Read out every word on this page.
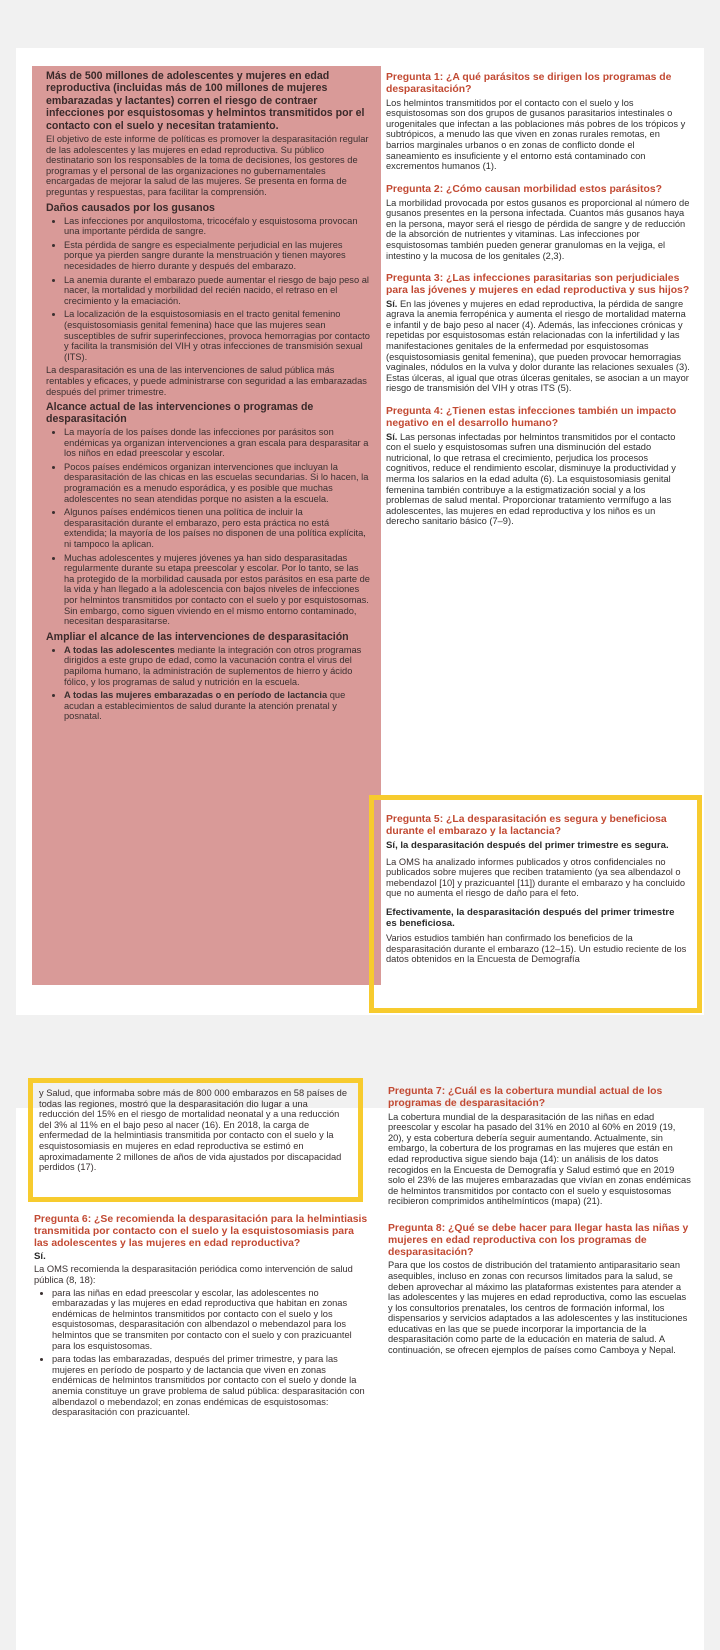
Más de 500 millones de adolescentes y mujeres en edad reproductiva (incluidas más de 100 millones de mujeres embarazadas y lactantes) corren el riesgo de contraer infecciones por esquistosomas y helmintos transmitidos por el contacto con el suelo y necesitan tratamiento.

El objetivo de este informe de políticas es promover la desparasitación regular de las adolescentes y las mujeres en edad reproductiva. Su público destinatario son los responsables de la toma de decisiones, los gestores de programas y el personal de las organizaciones no gubernamentales encargadas de mejorar la salud de las mujeres. Se presenta en forma de preguntas y respuestas, para facilitar la comprensión.

Daños causados por los gusanos
• Las infecciones por anquilostoma, tricocéfalo y esquistosoma provocan una importante pérdida de sangre.
• Esta pérdida de sangre es especialmente perjudicial en las mujeres porque ya pierden sangre durante la menstruación y tienen mayores necesidades de hierro durante y después del embarazo.
• La anemia durante el embarazo puede aumentar el riesgo de bajo peso al nacer, la mortalidad y morbilidad del recién nacido, el retraso en el crecimiento y la emaciación.
• La localización de la esquistosomiasis en el tracto genital femenino (esquistosomiasis genital femenina) hace que las mujeres sean susceptibles de sufrir superinfecciones, provoca hemorragias por contacto y facilita la transmisión del VIH y otras infecciones de transmisión sexual (ITS).

La desparasitación es una de las intervenciones de salud pública más rentables y eficaces, y puede administrarse con seguridad a las embarazadas después del primer trimestre.

Alcance actual de las intervenciones o programas de desparasitación
• La mayoría de los países donde las infecciones por parásitos son endémicas ya organizan intervenciones a gran escala para desparasitar a los niños en edad preescolar y escolar.
• Pocos países endémicos organizan intervenciones que incluyan la desparasitación de las chicas en las escuelas secundarias. Si lo hacen, la programación es a menudo esporádica, y es posible que muchas adolescentes no sean atendidas porque no asisten a la escuela.
• Algunos países endémicos tienen una política de incluir la desparasitación durante el embarazo, pero esta práctica no está extendida; la mayoría de los países no disponen de una política explícita, ni tampoco la aplican.
• Muchas adolescentes y mujeres jóvenes ya han sido desparasitadas regularmente durante su etapa preescolar y escolar. Por lo tanto, se las ha protegido de la morbilidad causada por estos parásitos en esa parte de la vida y han llegado a la adolescencia con bajos niveles de infecciones por helmintos transmitidos por contacto con el suelo y por esquistosomas. Sin embargo, como siguen viviendo en el mismo entorno contaminado, necesitan desparasitarse.
Ampliar el alcance de las intervenciones de desparasitación
• A todas las adolescentes mediante la integración con otros programas dirigidos a este grupo de edad, como la vacunación contra el virus del papiloma humano, la administración de suplementos de hierro y ácido fólico, y los programas de salud y nutrición en la escuela.
• A todas las mujeres embarazadas o en período de lactancia que acudan a establecimientos de salud durante la atención prenatal y posnatal.
Pregunta 1: ¿A qué parásitos se dirigen los programas de desparasitación?

Los helmintos transmitidos por el contacto con el suelo y los esquistosomas son dos grupos de gusanos parasitarios intestinales o urogenitales que infectan a las poblaciones más pobres de los trópicos y subtrópicos, a menudo las que viven en zonas rurales remotas, en barrios marginales urbanos o en zonas de conflicto donde el saneamiento es insuficiente y el entorno está contaminado con excrementos humanos (1).

Pregunta 2: ¿Cómo causan morbilidad estos parásitos?

La morbilidad provocada por estos gusanos es proporcional al número de gusanos presentes en la persona infectada. Cuantos más gusanos haya en la persona, mayor será el riesgo de pérdida de sangre y de reducción de la absorción de nutrientes y vitaminas. Las infecciones por esquistosomas también pueden generar granulomas en la vejiga, el intestino y la mucosa de los genitales (2,3).

Pregunta 3: ¿Las infecciones parasitarias son perjudiciales para las jóvenes y mujeres en edad reproductiva y sus hijos?

Sí. En las jóvenes y mujeres en edad reproductiva, la pérdida de sangre agrava la anemia ferropénica y aumenta el riesgo de mortalidad materna e infantil y de bajo peso al nacer (4). Además, las infecciones crónicas y repetidas por esquistosomas están relacionadas con la infertilidad y las manifestaciones genitales de la enfermedad por esquistosomas (esquistosomiasis genital femenina), que pueden provocar hemorragias vaginales, nódulos en la vulva y dolor durante las relaciones sexuales (3). Estas úlceras, al igual que otras úlceras genitales, se asocian a un mayor riesgo de transmisión del VIH y otras ITS (5).

Pregunta 4: ¿Tienen estas infecciones también un impacto negativo en el desarrollo humano?

Sí. Las personas infectadas por helmintos transmitidos por el contacto con el suelo y esquistosomas sufren una disminución del estado nutricional, lo que retrasa el crecimiento, perjudica los procesos cognitivos, reduce el rendimiento escolar, disminuye la productividad y merma los salarios en la edad adulta (6). La esquistosomiasis genital femenina también contribuye a la estigmatización social y a los problemas de salud mental. Proporcionar tratamiento vermífugo a las adolescentes, las mujeres en edad reproductiva y los niños es un derecho sanitario básico (7–9).

Pregunta 5: ¿La desparasitación es segura y beneficiosa durante el embarazo y la lactancia?
Sí, la desparasitación después del primer trimestre es segura.

La OMS ha analizado informes publicados y otros confidenciales no publicados sobre mujeres que reciben tratamiento (ya sea albendazol o mebendazol [10] y prazicuantel [11]) durante el embarazo y ha concluido que no aumenta el riesgo de daño para el feto.

Efectivamente, la desparasitación después del primer trimestre es beneficiosa.

Varios estudios también han confirmado los beneficios de la desparasitación durante el embarazo (12–15). Un estudio reciente de los datos obtenidos en la Encuesta de Demografía

y Salud, que informaba sobre más de 800 000 embarazos en 58 países de todas las regiones, mostró que la desparasitación dio lugar a una reducción del 15% en el riesgo de mortalidad neonatal y a una reducción del 3% al 11% en el bajo peso al nacer (16). En 2018, la carga de enfermedad de la helmintiasis transmitida por contacto con el suelo y la esquistosomiasis en mujeres en edad reproductiva se estimó en aproximadamente 2 millones de años de vida ajustados por discapacidad perdidos (17).

Pregunta 6: ¿Se recomienda la desparasitación para la helmintiasis transmitida por contacto con el suelo y la esquistosomiasis para las adolescentes y las mujeres en edad reproductiva?
Sí.

La OMS recomienda la desparasitación periódica como intervención de salud pública (8, 18):

• para las niñas en edad preescolar y escolar, las adolescentes no embarazadas y las mujeres en edad reproductiva que habitan en zonas endémicas de helmintos transmitidos por contacto con el suelo y los esquistosomas, desparasitación con albendazol o mebendazol para los helmintos que se transmiten por contacto con el suelo y con prazicuantel para los esquistosomas.
• para todas las embarazadas, después del primer trimestre, y para las mujeres en período de posparto y de lactancia que viven en zonas endémicas de helmintos transmitidos por contacto con el suelo y donde la anemia constituye un grave problema de salud pública: desparasitación con albendazol o mebendazol; en zonas endémicas de esquistosomas: desparasitación con prazicuantel.
Pregunta 7: ¿Cuál es la cobertura mundial actual de los programas de desparasitación?

La cobertura mundial de la desparasitación de las niñas en edad preescolar y escolar ha pasado del 31% en 2010 al 60% en 2019 (19, 20), y esta cobertura debería seguir aumentando. Actualmente, sin embargo, la cobertura de los programas en las mujeres que están en edad reproductiva sigue siendo baja (14): un análisis de los datos recogidos en la Encuesta de Demografía y Salud estimó que en 2019 solo el 23% de las mujeres embarazadas que vivían en zonas endémicas de helmintos transmitidos por contacto con el suelo y esquistosomas recibieron comprimidos antihelmínticos (mapa) (21).

Pregunta 8: ¿Qué se debe hacer para llegar hasta las niñas y mujeres en edad reproductiva con los programas de desparasitación?

Para que los costos de distribución del tratamiento antiparasitario sean asequibles, incluso en zonas con recursos limitados para la salud, se deben aprovechar al máximo las plataformas existentes para atender a las adolescentes y las mujeres en edad reproductiva, como las escuelas y los consultorios prenatales, los centros de formación informal, los dispensarios y servicios adaptados a las adolescentes y las instituciones educativas en las que se puede incorporar la importancia de la desparasitación como parte de la educación en materia de salud. A continuación, se ofrecen ejemplos de países como Camboya y Nepal.
